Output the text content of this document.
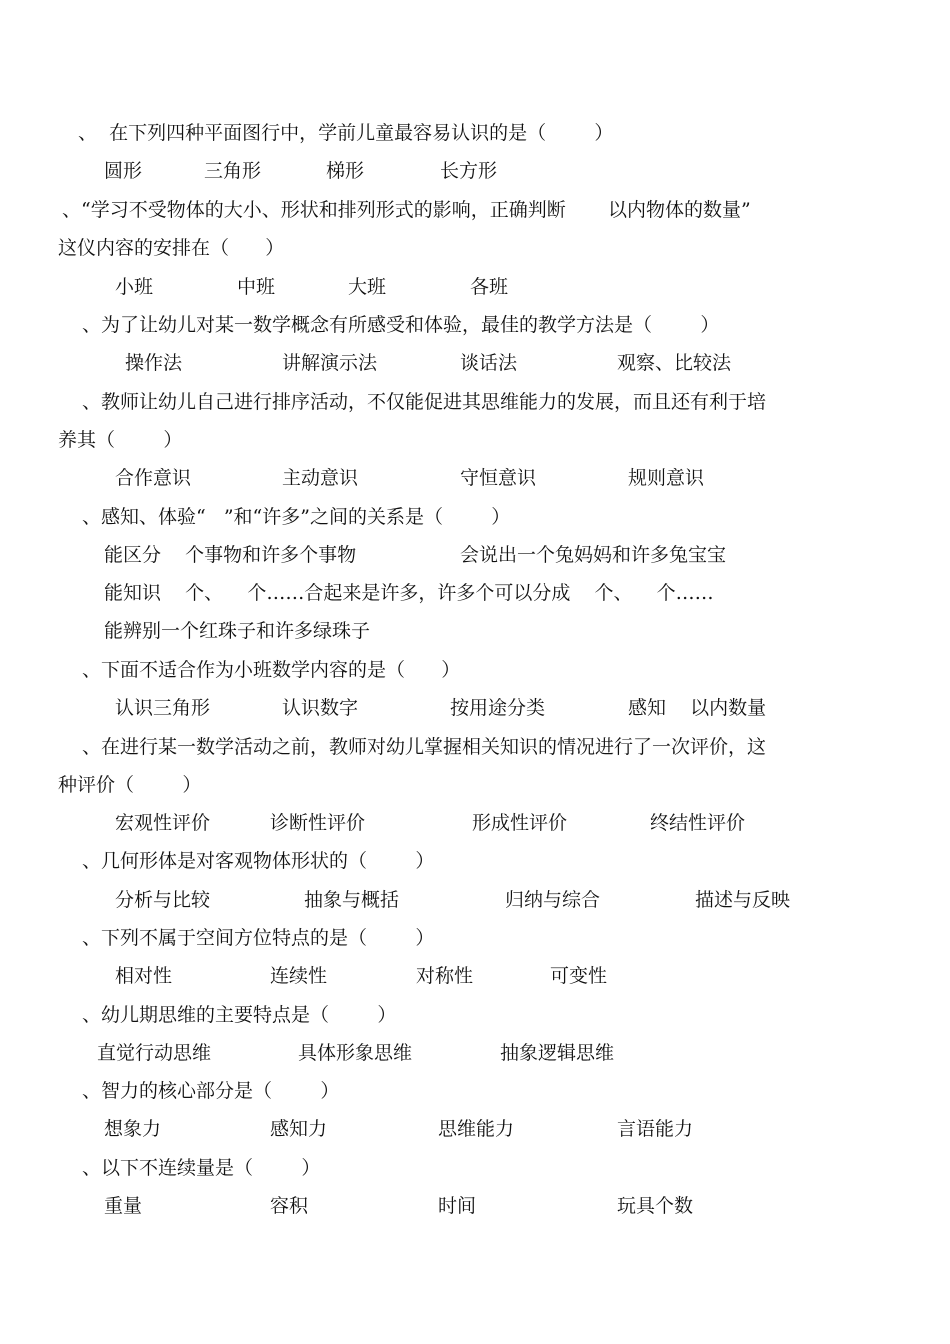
、  在下列四种平面图行中，学前儿童最容易认识的是（        ）
圆形	三角形	梯形	长方形
、“学习不受物体的大小、形状和排列形式的影响，正确判断       以内物体的数量”
这仪内容的安排在（      ）
小班	中班	大班	各班
、为了让幼儿对某一数学概念有所感受和体验，最佳的教学方法是（        ）
操作法	讲解演示法	谈话法	观察、比较法
、教师让幼儿自己进行排序活动，不仅能促进其思维能力的发展，而且还有利于培
养其（        ）
合作意识	主动意识	守恒意识	规则意识
、感知、体验“   ”和“许多”之间的关系是（        ）
能区分    个事物和许多个事物	会说出一个兔妈妈和许多兔宝宝
能知识    个、    个……合起来是许多，许多个可以分成    个、    个……
能辨别一个红珠子和许多绿珠子
、下面不适合作为小班数学内容的是（      ）
认识三角形	认识数字	按用途分类	感知    以内数量
、在进行某一数学活动之前，教师对幼儿掌握相关知识的情况进行了一次评价，这
种评价（        ）
宏观性评价	诊断性评价	形成性评价	终结性评价
、几何形体是对客观物体形状的（        ）
分析与比较	抽象与概括	归纳与综合	描述与反映
、下列不属于空间方位特点的是（        ）
相对性	连续性	对称性	可变性
、幼儿期思维的主要特点是（        ）
直觉行动思维	具体形象思维	抽象逻辑思维
、智力的核心部分是（        ）
想象力	感知力	思维能力	言语能力
、以下不连续量是（        ）
重量	容积	时间	玩具个数
